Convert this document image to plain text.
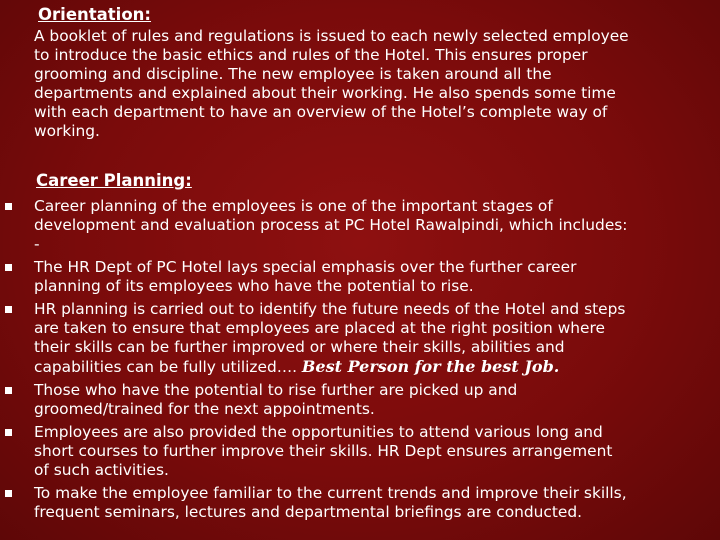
Orientation:
A booklet of rules and regulations is issued to each newly selected employee
to introduce the basic ethics and rules of the Hotel. This ensures proper
grooming and discipline. The new employee is taken around all the
departments and explained about their working. He also spends some time
with each department to have an overview of the Hotel’s complete way of
working.
Career Planning:
Career planning of the employees is one of the important stages of
development and evaluation process at PC Hotel Rawalpindi, which includes:
-
The HR Dept of PC Hotel lays special emphasis over the further career
planning of its employees who have the potential to rise.
HR planning is carried out to identify the future needs of the Hotel and steps
are taken to ensure that employees are placed at the right position where
their skills can be further improved or where their skills, abilities and
capabilities can be fully utilized…. Best Person for the best Job.
Those who have the potential to rise further are picked up and
groomed/trained for the next appointments.
Employees are also provided the opportunities to attend various long and
short courses to further improve their skills. HR Dept ensures arrangement
of such activities.
To make the employee familiar to the current trends and improve their skills,
frequent seminars, lectures and departmental briefings are conducted.
